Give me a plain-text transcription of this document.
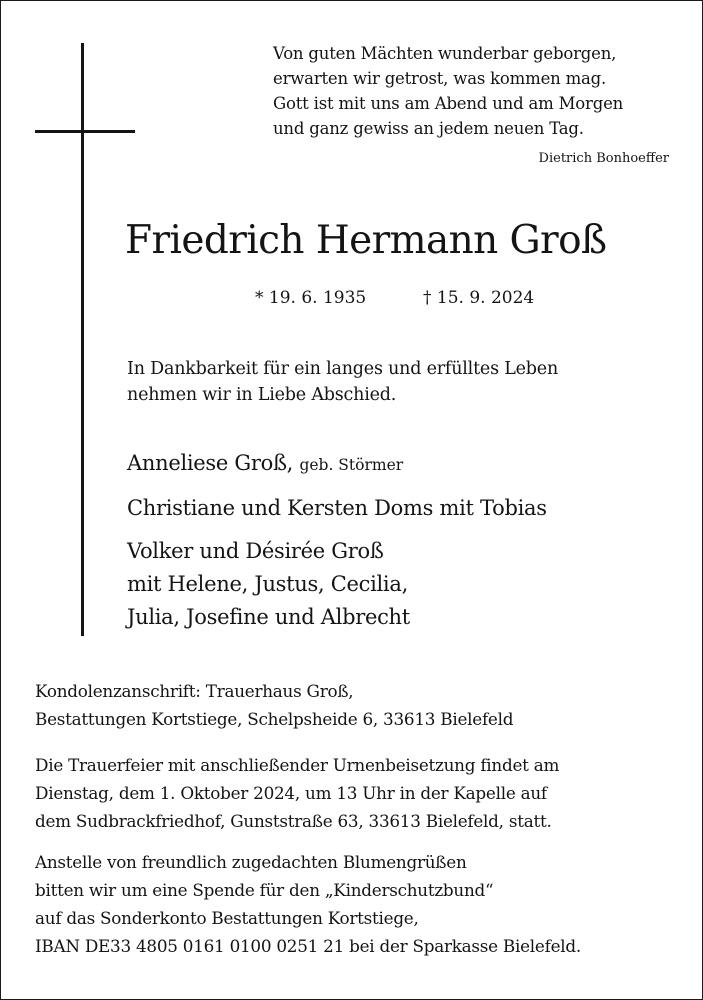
Von guten Mächten wunderbar geborgen,
erwarten wir getrost, was kommen mag.
Gott ist mit uns am Abend und am Morgen
und ganz gewiss an jedem neuen Tag.
Dietrich Bonhoeffer
Friedrich Hermann Groß
* 19. 6. 1935	† 15. 9. 2024
In Dankbarkeit für ein langes und erfülltes Leben
nehmen wir in Liebe Abschied.
Anneliese Groß, geb. Störmer
Christiane und Kersten Doms mit Tobias
Volker und Désirée Groß
mit Helene, Justus, Cecilia,
Julia, Josefine und Albrecht
Kondolenzanschrift: Trauerhaus Groß,
Bestattungen Kortstiege, Schelpsheide 6, 33613 Bielefeld
Die Trauerfeier mit anschließender Urnenbeisetzung findet am
Dienstag, dem 1. Oktober 2024, um 13 Uhr in der Kapelle auf
dem Sudbrackfriedhof, Gunststraße 63, 33613 Bielefeld, statt.
Anstelle von freundlich zugedachten Blumengrüßen
bitten wir um eine Spende für den „Kinderschutzbund“
auf das Sonderkonto Bestattungen Kortstiege,
IBAN DE33 4805 0161 0100 0251 21 bei der Sparkasse Bielefeld.
